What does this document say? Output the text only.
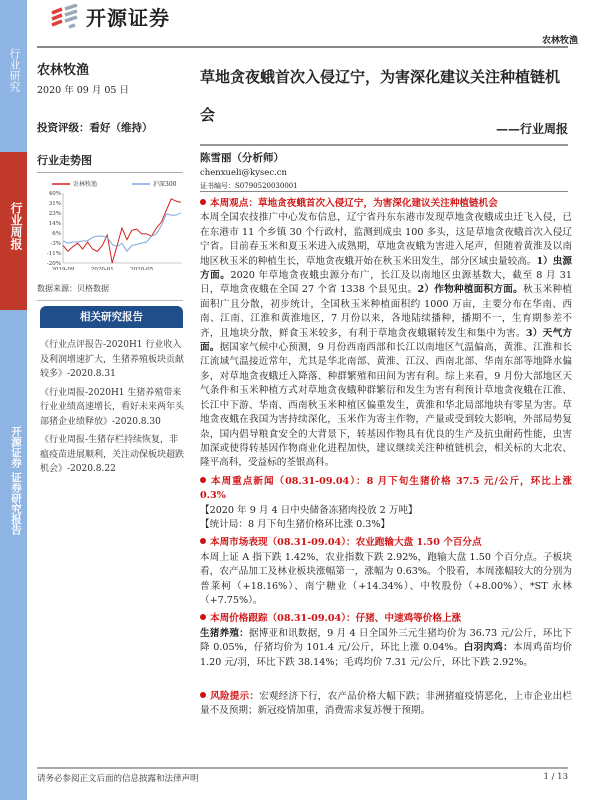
行业研究
行业周报
开源证券 证券研究报告
开源证券
农林牧渔
农林牧渔
2020 年 09 月 05 日
投资评级：看好（维持）
行业走势图
40%
31%
23%
14%
6%
-3%
-11%
-20%
2019-09	2020-01	2020-05
农林牧渔	沪深300
数据来源：贝格数据
相关研究报告

《行业点评报告-2020H1 行业收入及利润增速扩大，生猪养殖板块贡献较多》-2020.8.31

《行业周报-2020H1 生猪养殖带来行业业绩高速增长，看好未来两年头部猪企业绩释放》-2020.8.30

《行业周报-生猪存栏持续恢复，非瘟疫苗进展顺利，关注动保板块超跌机会》-2020.8.22

草地贪夜蛾首次入侵辽宁，为害深化建议关注种植链机会
——行业周报
陈雪丽（分析师）
chenxueli@kysec.cn
证书编号：S0790520030001
本周观点：草地贪夜蛾首次入侵辽宁，为害深化建议关注种植链机会
本周全国农技推广中心发布信息，辽宁省丹东东港市发现草地贪夜蛾成虫迁飞入侵，已在东港市 11 个乡镇 30 个行政村，监测到成虫 100 多头，这是草地贪夜蛾首次入侵辽宁省。目前春玉米和夏玉米进入成熟期，草地贪夜蛾为害进入尾声，但随着黄淮及以南地区秋玉米的种植生长，草地贪夜蛾开始在秋玉米田发生，部分区域虫量较高。1）虫源方面。2020 年草地贪夜蛾虫源分布广，长江及以南地区虫源基数大，截至 8 月 31 日，草地贪夜蛾在全国 27 个省 1338 个县见虫。2）作物种植面积方面。秋玉米种植面积广且分散，初步统计，全国秋玉米种植面积约 1000 万亩，主要分布在华南、西南、江南、江淮和黄淮地区，7 月份以来，各地陆续播种，播期不一，生育期参差不齐，且地块分散，鲜食玉米较多，有利于草地贪夜蛾辗转发生和集中为害。3）天气方面。据国家气候中心预测，9 月份西南西部和长江以南地区气温偏高，黄淮、江淮和长江流域气温接近常年，尤其是华北南部、黄淮、江汉、西南北部、华南东部等地降水偏多，对草地贪夜蛾迁入降落、种群繁殖和田间为害有利。综上来看，9 月份大部地区天气条件和玉米种植方式对草地贪夜蛾种群繁衍和发生为害有利预计草地贪夜蛾在江淮、长江中下游、华南、西南秋玉米种植区偏重发生，黄淮和华北局部地块有零星为害。草地贪夜蛾在我国为害持续深化，玉米作为寄主作物，产量或受到较大影响，外部局势复杂，国内倡导粮食安全的大背景下，转基因作物具有优良的生产及抗虫耐药性能，虫害加深或使得转基因作物商业化进程加快，建议继续关注种植链机会，相关标的大北农、隆平高科，受益标的荃银高科。
本周重点新闻（08.31-09.04）：8 月下旬生猪价格 37.5 元/公斤，环比上涨 0.3%
【2020 年 9 月 4 日中央储备冻猪肉投放 2 万吨】
【统计局：8 月下旬生猪价格环比涨 0.3%】
本周市场表现（08.31-09.04）：农业跑输大盘 1.50 个百分点
本周上证 A 指下跌 1.42%，农业指数下跌 2.92%，跑输大盘 1.50 个百分点。子板块看，农产品加工及林业板块涨幅第一，涨幅为 0.63%。个股看，本周涨幅较大的分别为普莱柯（+18.16%）、南宁糖业（+14.34%）、中牧股份（+8.00%）、*ST 永林（+7.75%）。
本周价格跟踪（08.31-09.04）：仔猪、中速鸡等价格上涨
生猪养殖：据博亚和讯数据，9 月 4 日全国外三元生猪均价为 36.73 元/公斤，环比下降 0.05%，仔猪均价为 101.4 元/公斤，环比上涨 0.04%。白羽肉鸡：本周鸡苗均价 1.20 元/羽，环比下跌 38.14%；毛鸡均价 7.31 元/公斤，环比下跌 2.92%。
风险提示：宏观经济下行，农产品价格大幅下跌；非洲猪瘟疫情恶化，上市企业出栏量不及预期；新冠疫情加重，消费需求复苏慢于预期。
请务必参阅正文后面的信息披露和法律声明	1 / 13
